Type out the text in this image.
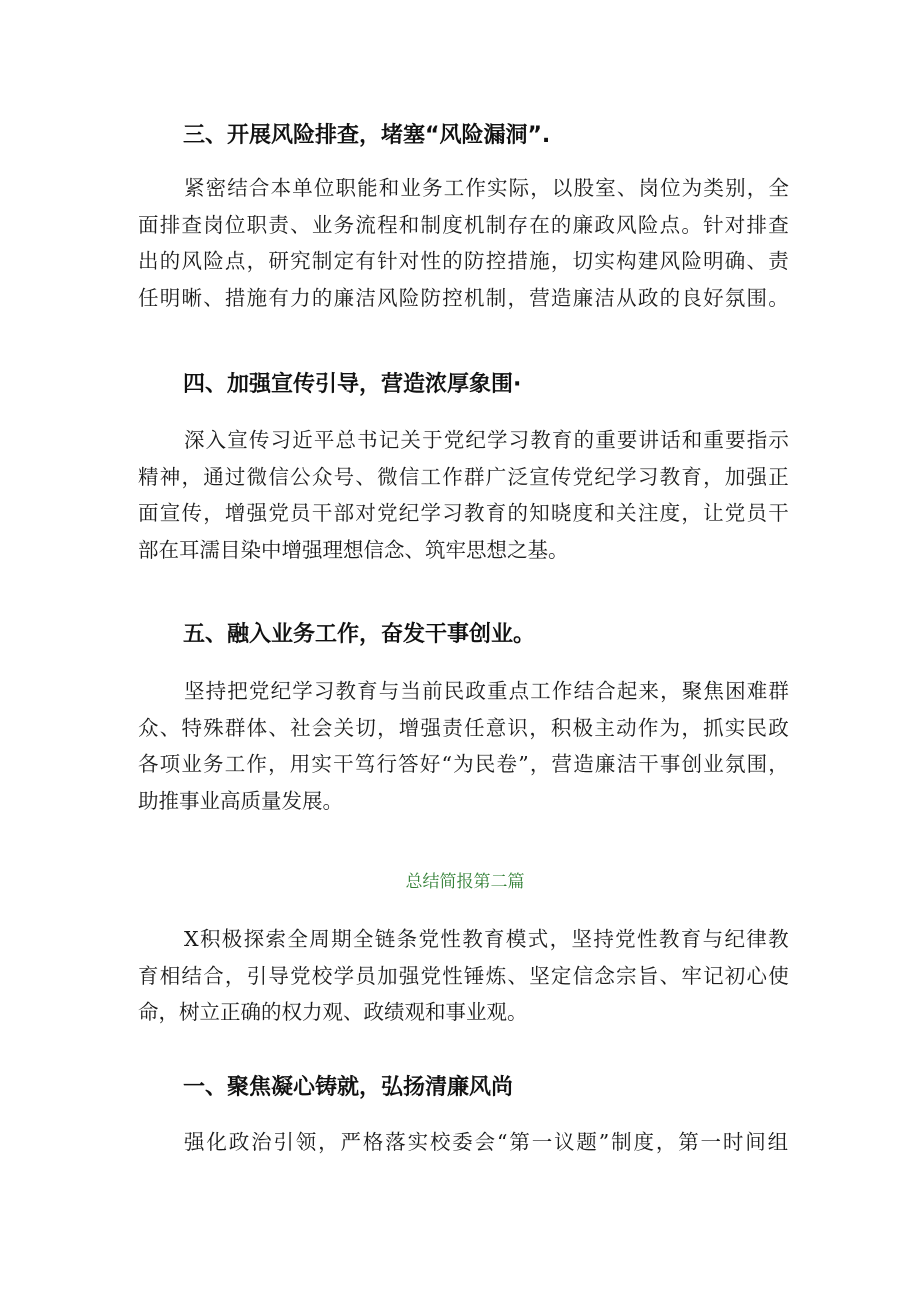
三、开展风险排查，堵塞“风险漏洞”.
紧密结合本单位职能和业务工作实际，以股室、岗位为类别，全
面排查岗位职责、业务流程和制度机制存在的廉政风险点。针对排查
出的风险点，研究制定有针对性的防控措施，切实构建风险明确、责
任明晰、措施有力的廉洁风险防控机制，营造廉洁从政的良好氛围。
四、加强宣传引导，营造浓厚象围·
深入宣传习近平总书记关于党纪学习教育的重要讲话和重要指示
精神，通过微信公众号、微信工作群广泛宣传党纪学习教育，加强正
面宣传，增强党员干部对党纪学习教育的知晓度和关注度，让党员干
部在耳濡目染中增强理想信念、筑牢思想之基。
五、融入业务工作，奋发干事创业。
坚持把党纪学习教育与当前民政重点工作结合起来，聚焦困难群
众、特殊群体、社会关切，增强责任意识，积极主动作为，抓实民政
各项业务工作，用实干笃行答好“为民卷”，营造廉洁干事创业氛围，
助推事业高质量发展。
总结简报第二篇
X积极探索全周期全链条党性教育模式，坚持党性教育与纪律教
育相结合，引导党校学员加强党性锤炼、坚定信念宗旨、牢记初心使
命，树立正确的权力观、政绩观和事业观。
一、聚焦凝心铸就，弘扬清廉风尚
强化政治引领，严格落实校委会“第一议题”制度，第一时间组
